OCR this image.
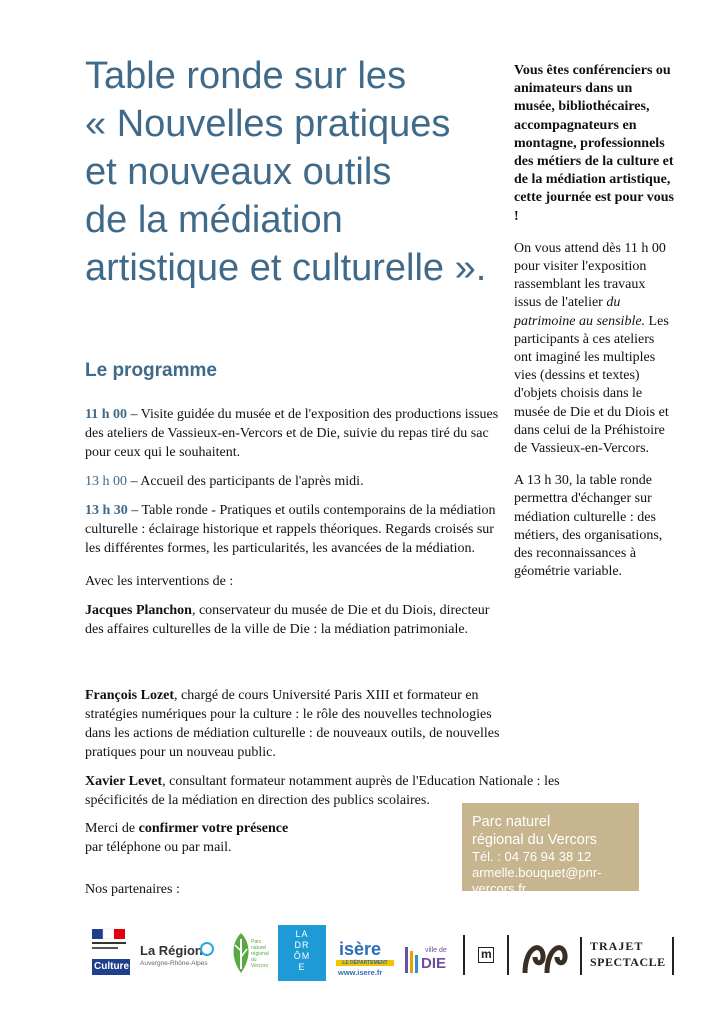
Table ronde sur les
« Nouvelles pratiques
et nouveaux outils
de la médiation
artistique et culturelle ».

Vous êtes conférenciers ou animateurs dans un musée, bibliothécaires, accompagnateurs en montagne, professionnels des métiers de la culture et de la médiation artistique, cette journée est pour vous !

On vous attend dès 11 h 00 pour visiter l'exposition rassemblant les travaux issus de l'atelier du patrimoine au sensible. Les participants à ces ateliers ont imaginé les multiples vies (dessins et textes) d'objets choisis dans le musée de Die et du Diois et dans celui de la Préhistoire de Vassieux-en-Vercors.

A 13 h 30, la table ronde permettra d'échanger sur médiation culturelle : des métiers, des organisations, des reconnaissances à géométrie variable.

Le programme

11 h 00 – Visite guidée du musée et de l'exposition des productions issues des ateliers de Vassieux-en-Vercors et de Die, suivie du repas tiré du sac pour ceux qui le souhaitent.

13 h 00 – Accueil des participants de l'après midi.

13 h 30 – Table ronde - Pratiques et outils contemporains de la médiation culturelle : éclairage historique et rappels théoriques. Regards croisés sur les différentes formes, les particularités, les avancées de la médiation.

Avec les interventions de :

Jacques Planchon, conservateur du musée de Die et du Diois, directeur des affaires culturelles de la ville de Die : la médiation patrimoniale.

François Lozet, chargé de cours Université Paris XIII et formateur en stratégies numériques pour la culture : le rôle des nouvelles technologies dans les actions de médiation culturelle : de nouveaux outils, de nouvelles pratiques pour un nouveau public.

Xavier Levet, consultant formateur notamment auprès de l'Education Nationale : les spécificités de la médiation en direction des publics scolaires.

Merci de confirmer votre présence

par téléphone ou par mail.

Parc naturel
régional du Vercors
Tél. : 04 76 94 38 12
armelle.bouquet@pnr-vercors.fr
Nos partenaires :
Culture
La Région
Auvergne-Rhône-Alpes
Parc naturel régional du Vercors
LA DRÔME
isère
LE DÉPARTEMENT
www.isere.fr
ville de
DIE
m
TRAJET
SPECTACLE
